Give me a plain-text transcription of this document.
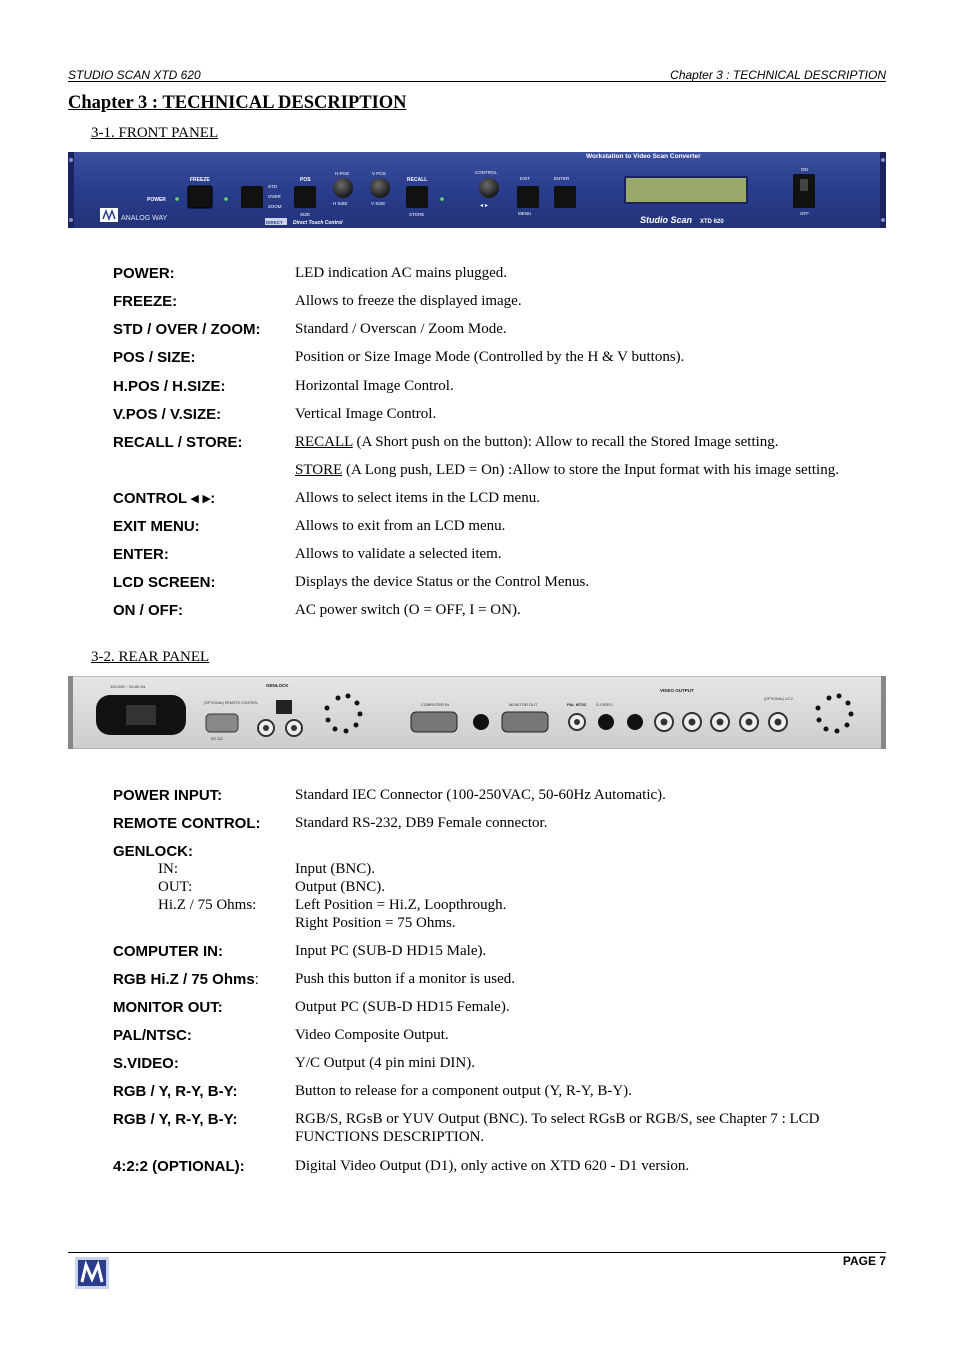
STUDIO SCAN XTD 620	Chapter 3 : TECHNICAL DESCRIPTION
Chapter 3 : TECHNICAL DESCRIPTION
3-1. FRONT PANEL
Workstation to Video Scan Converter
ANALOG WAY
POWER
FREEZE
STD
OVER
ZOOM
POS
SIZE
H POS
H SIZE
V POS
V SIZE
RECALL
STORE
DIRECT Direct Touch Control
CONTROL
◂ ▸
EXIT
MENU
ENTER
Studio Scan XTD 620
ON
OFF
POWER:	LED indication AC mains plugged.
FREEZE:	Allows to freeze the displayed image.
STD / OVER / ZOOM:	Standard / Overscan / Zoom Mode.
POS / SIZE:	Position or Size Image Mode (Controlled by the H & V buttons).
H.POS / H.SIZE:	Horizontal Image Control.
V.POS / V.SIZE:	Vertical Image Control.
RECALL / STORE:	RECALL (A Short push on the button): Allow to recall the Stored Image setting.
STORE (A Long push, LED = On) :Allow to store the Input format with his image setting.
CONTROL ◂ ▸:	Allows to select items in the LCD menu.
EXIT MENU:	Allows to exit from an LCD menu.
ENTER:	Allows to validate a selected item.
LCD SCREEN:	Displays the device Status or the Control Menus.
ON / OFF:	AC power switch (O = OFF, I = ON).
3-2. REAR PANEL
100-250 ~ 50-60 Hz
(OPTIONAL) REMOTE CONTROL
RS 232
GENLOCK
COMPUTER IN	MONITOR OUT	PAL NTSC S-VIDEO
VIDEO OUTPUT
(OPTIONAL) 4:2:2
POWER INPUT:	Standard IEC Connector (100-250VAC, 50-60Hz Automatic).
REMOTE CONTROL:	Standard RS-232, DB9 Female connector.
GENLOCK:
IN:	Input (BNC).
OUT:	Output (BNC).
Hi.Z / 75 Ohms:	Left Position = Hi.Z, Loopthrough.
Right Position = 75 Ohms.
COMPUTER IN:	Input PC (SUB-D HD15 Male).
RGB Hi.Z / 75 Ohms:	Push this button if a monitor is used.
MONITOR OUT:	Output PC (SUB-D HD15 Female).
PAL/NTSC:	Video Composite Output.
S.VIDEO:	Y/C Output (4 pin mini DIN).
RGB / Y, R-Y, B-Y:	Button to release for a component output (Y, R-Y, B-Y).
RGB / Y, R-Y, B-Y:	RGB/S, RGsB or YUV Output (BNC). To select RGsB or RGB/S, see Chapter 7 : LCD FUNCTIONS DESCRIPTION.
4:2:2 (OPTIONAL):	Digital Video Output (D1), only active on XTD 620 - D1 version.
PAGE 7
